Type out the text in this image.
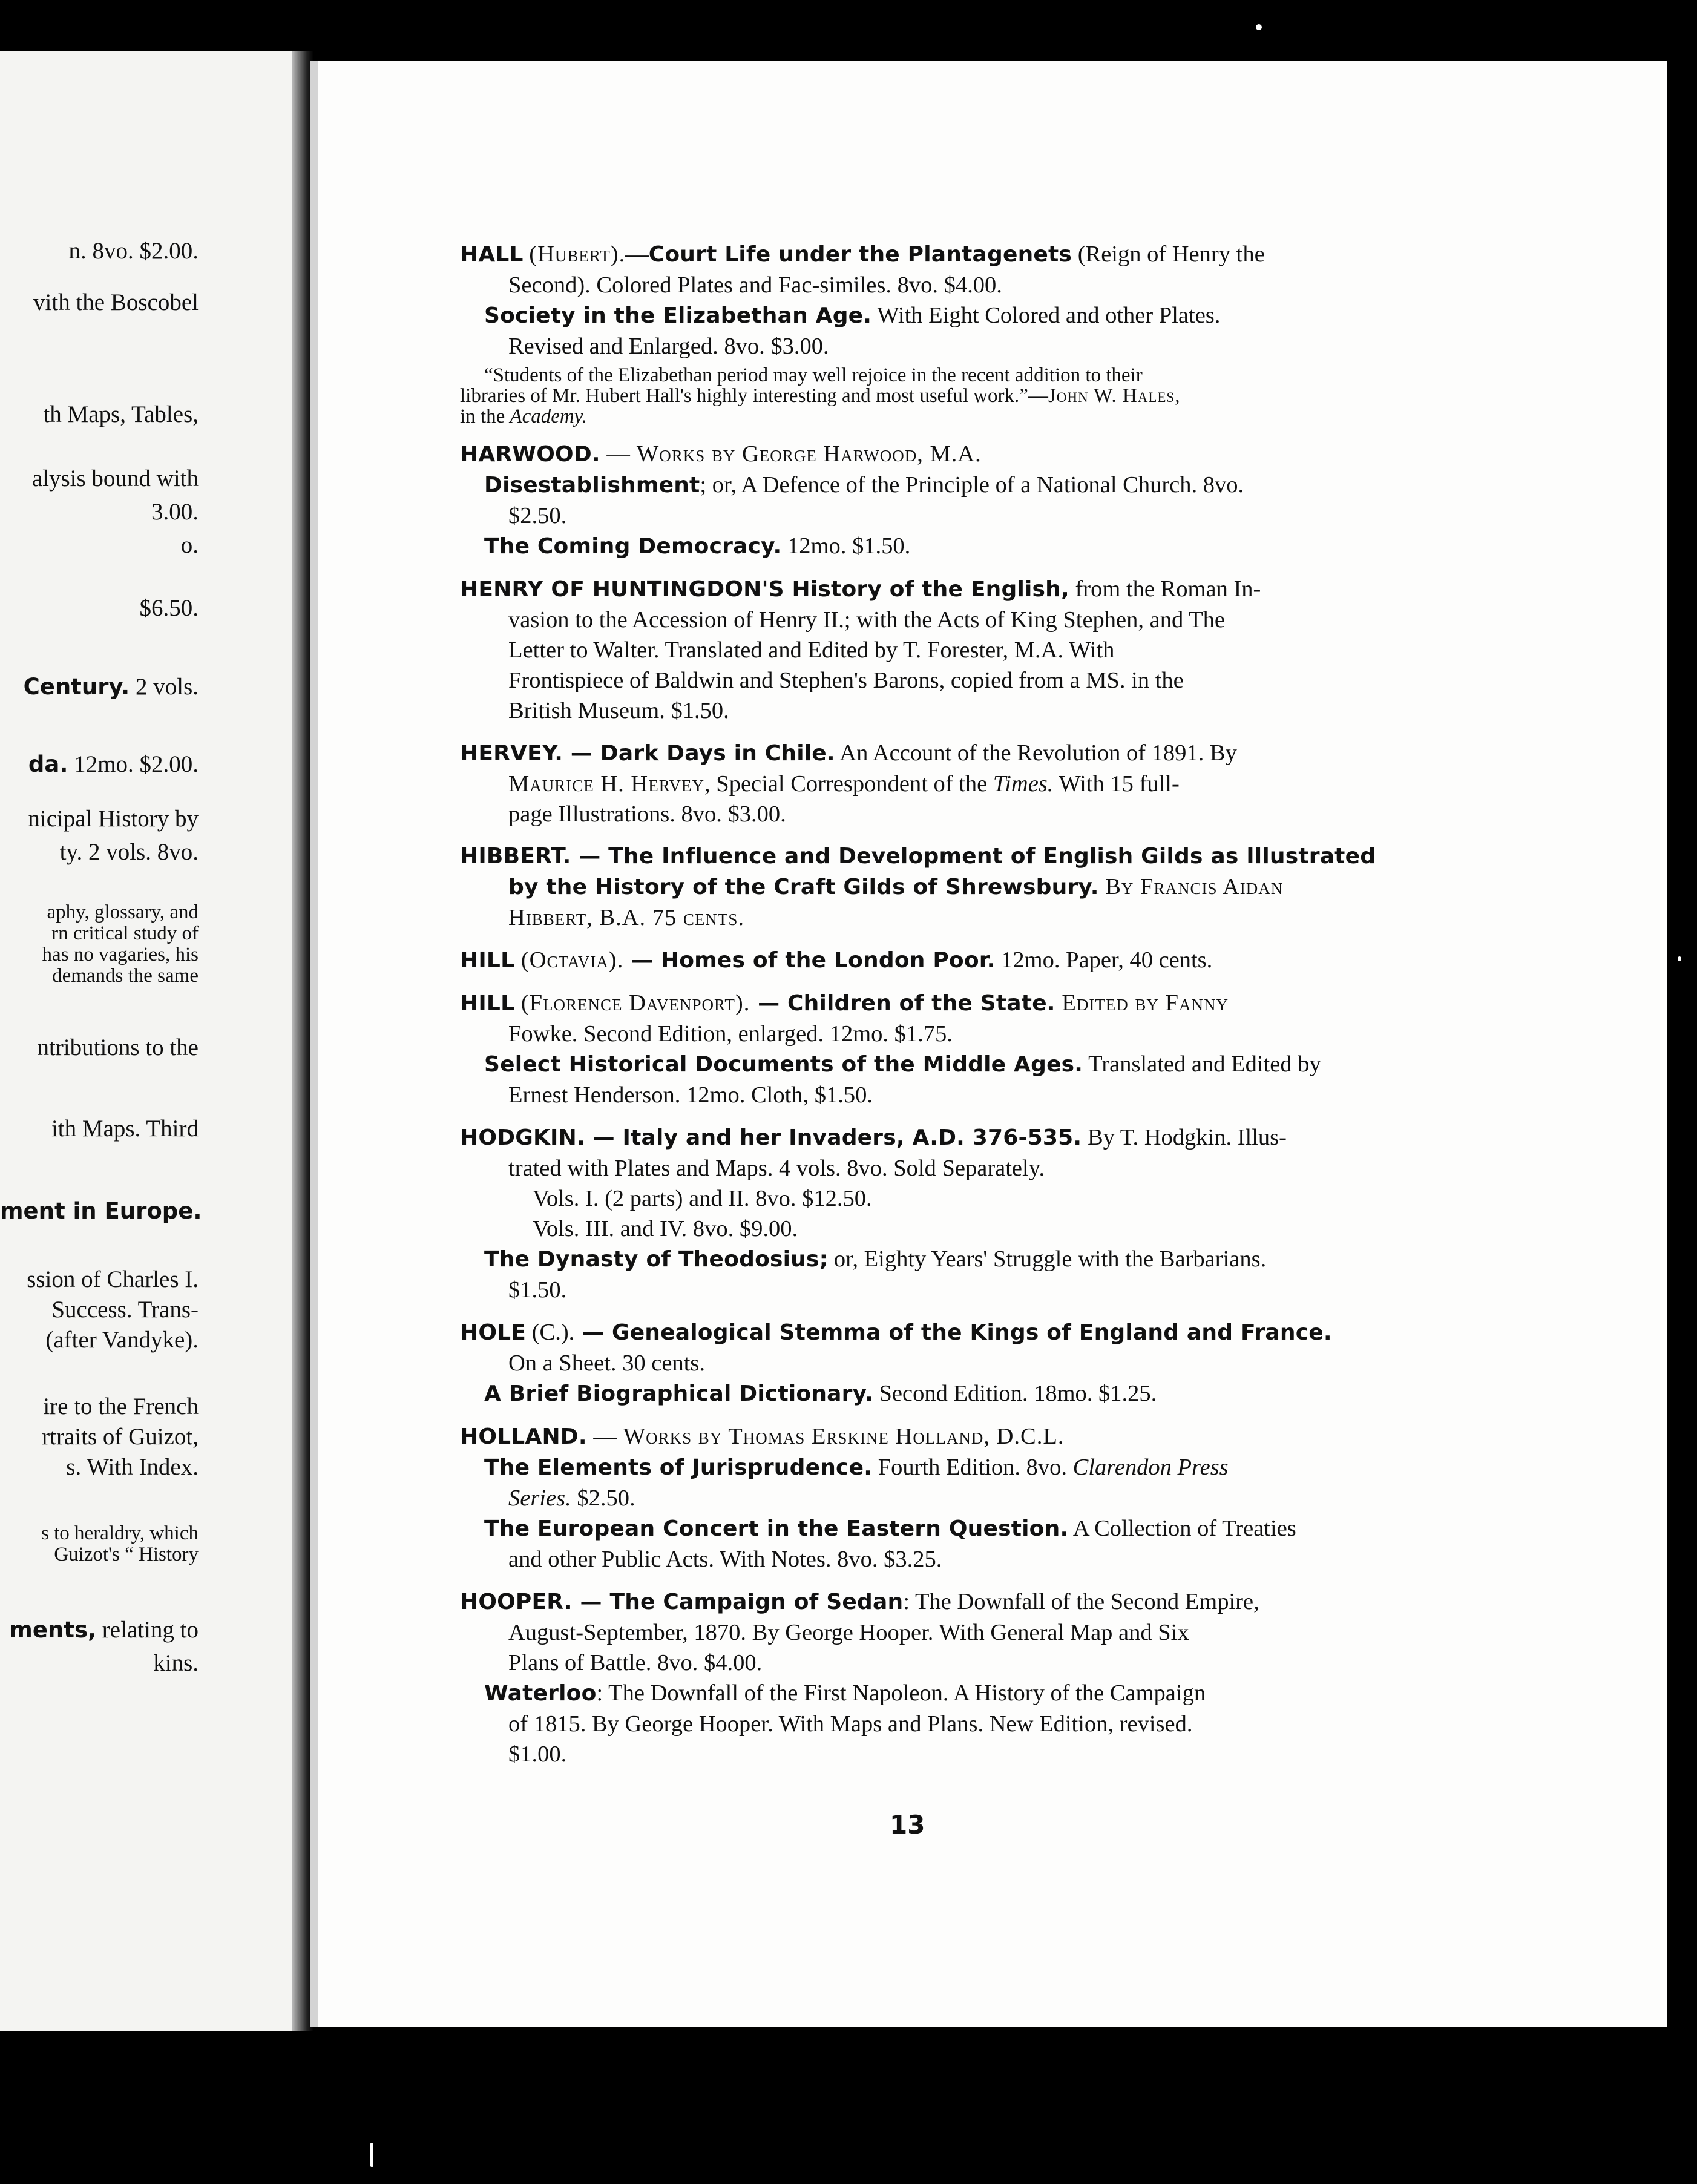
n. 8vo. $2.00.
vith the Boscobel
th Maps, Tables,
alysis bound with
3.00.
o.
$6.50.
Century. 2 vols.
da. 12mo. $2.00.
nicipal History by
ty. 2 vols. 8vo.
aphy, glossary, and
rn critical study of
has no vagaries, his
demands the same
ntributions to the
ith Maps. Third
ment in Europe.
ssion of Charles I.
Success. Trans-
(after Vandyke).
ire to the French
rtraits of Guizot,
s. With Index.
s to heraldry, which
Guizot's “ History
ments, relating to
kins.
HALL (Hubert).—Court Life under the Plantagenets (Reign of Henry the
Second). Colored Plates and Fac-similes. 8vo. $4.00.
Society in the Elizabethan Age. With Eight Colored and other Plates.
Revised and Enlarged. 8vo. $3.00.
“Students of the Elizabethan period may well rejoice in the recent addition to their
libraries of Mr. Hubert Hall's highly interesting and most useful work.”—John W. Hales,
in the Academy.
HARWOOD. — Works by George Harwood, M.A.
Disestablishment; or, A Defence of the Principle of a National Church. 8vo.
$2.50.
The Coming Democracy. 12mo. $1.50.
HENRY OF HUNTINGDON'S History of the English, from the Roman In-
vasion to the Accession of Henry II.; with the Acts of King Stephen, and The
Letter to Walter. Translated and Edited by T. Forester, M.A. With
Frontispiece of Baldwin and Stephen's Barons, copied from a MS. in the
British Museum. $1.50.
HERVEY. — Dark Days in Chile. An Account of the Revolution of 1891. By
Maurice H. Hervey, Special Correspondent of the Times. With 15 full-
page Illustrations. 8vo. $3.00.
HIBBERT. — The Influence and Development of English Gilds as Illustrated
by the History of the Craft Gilds of Shrewsbury. By Francis Aidan
Hibbert, B.A. 75 cents.
HILL (Octavia). — Homes of the London Poor. 12mo. Paper, 40 cents.
HILL (Florence Davenport). — Children of the State. Edited by Fanny
Fowke. Second Edition, enlarged. 12mo. $1.75.
Select Historical Documents of the Middle Ages. Translated and Edited by
Ernest Henderson. 12mo. Cloth, $1.50.
HODGKIN. — Italy and her Invaders, A.D. 376-535. By T. Hodgkin. Illus-
trated with Plates and Maps. 4 vols. 8vo. Sold Separately.
Vols. I. (2 parts) and II. 8vo. $12.50.
Vols. III. and IV. 8vo. $9.00.
The Dynasty of Theodosius; or, Eighty Years' Struggle with the Barbarians.
$1.50.
HOLE (C.). — Genealogical Stemma of the Kings of England and France.
On a Sheet. 30 cents.
A Brief Biographical Dictionary. Second Edition. 18mo. $1.25.
HOLLAND. — Works by Thomas Erskine Holland, D.C.L.
The Elements of Jurisprudence. Fourth Edition. 8vo. Clarendon Press
Series. $2.50.
The European Concert in the Eastern Question. A Collection of Treaties
and other Public Acts. With Notes. 8vo. $3.25.
HOOPER. — The Campaign of Sedan: The Downfall of the Second Empire,
August-September, 1870. By George Hooper. With General Map and Six
Plans of Battle. 8vo. $4.00.
Waterloo: The Downfall of the First Napoleon. A History of the Campaign
of 1815. By George Hooper. With Maps and Plans. New Edition, revised.
$1.00.
13
